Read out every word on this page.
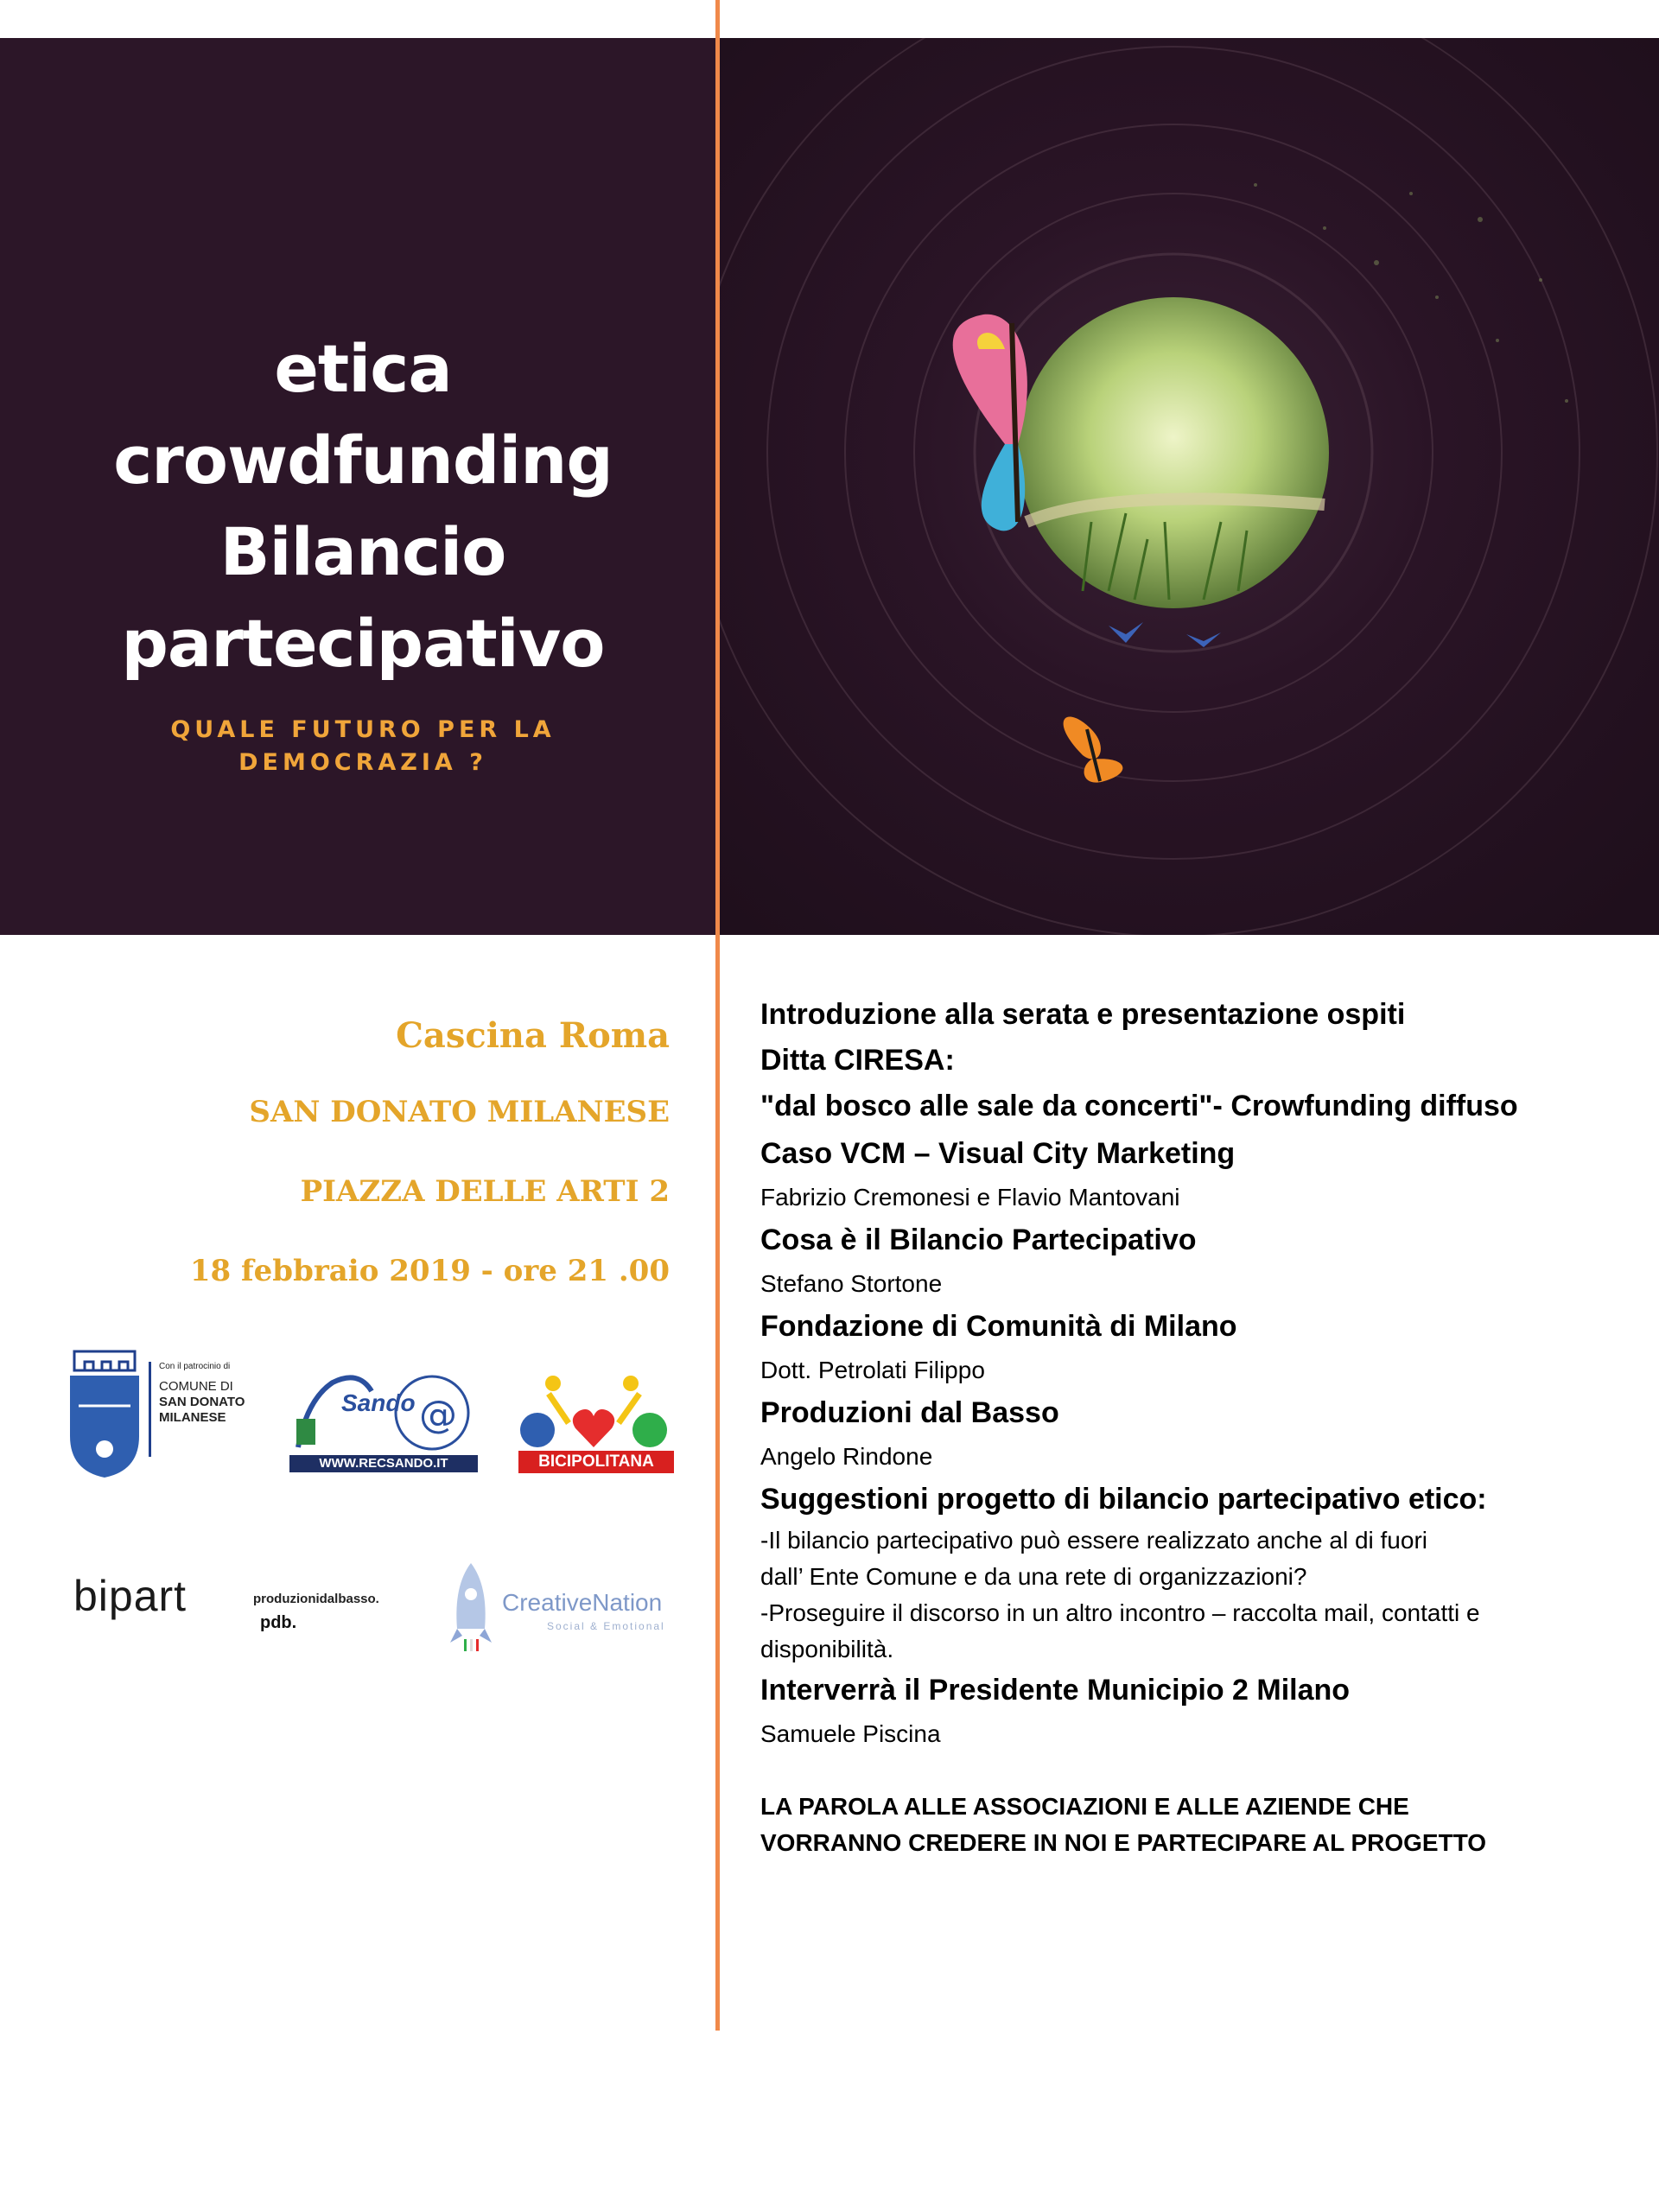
etica
crowdfunding
Bilancio
partecipativo
QUALE FUTURO PER LA
DEMOCRAZIA ?
Cascina Roma
SAN DONATO MILANESE
PIAZZA DELLE ARTI 2
18 febbraio 2019 - ore 21 .00
Con il patrocinio di
COMUNE DI
SAN DONATO
MILANESE	@
Sando
WWW.RECSANDO.IT	BICIPOLITANA
bipart	produzionidalbasso.
pdb.
CreativeNation
Social & Emotional
Introduzione alla serata e presentazione ospiti
Ditta CIRESA:
"dal bosco alle sale da concerti"- Crowfunding diffuso
Caso VCM – Visual City Marketing
Fabrizio Cremonesi e Flavio Mantovani
Cosa è il Bilancio Partecipativo
Stefano Stortone
Fondazione di Comunità di Milano
Dott. Petrolati Filippo
Produzioni dal Basso
Angelo Rindone
Suggestioni progetto di bilancio partecipativo etico:
-Il bilancio partecipativo può essere realizzato anche al di fuori
dall’ Ente Comune e da una rete di organizzazioni?
-Proseguire il discorso in un altro incontro – raccolta mail, contatti e
disponibilità.
Interverrà il Presidente Municipio 2 Milano
Samuele Piscina
LA PAROLA ALLE ASSOCIAZIONI E ALLE AZIENDE CHE
VORRANNO CREDERE IN NOI E PARTECIPARE AL PROGETTO
